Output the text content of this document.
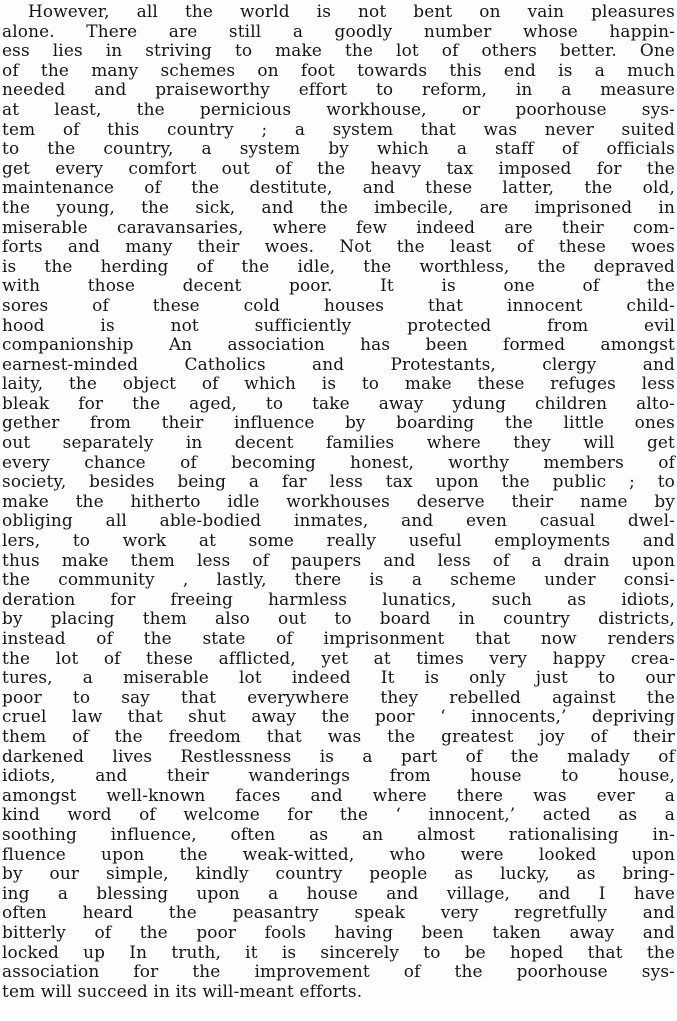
However, all the world is not bent on vain pleasures
alone. There are still a goodly number whose happin-
ess lies in striving to make the lot of others better. One
of the many schemes on foot towards this end is a much
needed and praiseworthy effort to reform, in a measure
at least, the pernicious workhouse, or poorhouse sys-
tem of this country ; a system that was never suited
to the country, a system by which a staff of officials
get every comfort out of the heavy tax imposed for the
maintenance of the destitute, and these latter, the old,
the young, the sick, and the imbecile, are imprisoned in
miserable caravansaries, where few indeed are their com-
forts and many their woes. Not the least of these woes
is the herding of the idle, the worthless, the depraved
with those decent poor. It is one of the
sores of these cold houses that innocent child-
hood is not sufficiently protected from evil
companionship An association has been formed amongst
earnest-minded Catholics and Protestants, clergy and
laity, the object of which is to make these refuges less
bleak for the aged, to take away ydung children alto-
gether from their influence by boarding the little ones
out separately in decent families where they will get
every chance of becoming honest, worthy members of
society, besides being a far less tax upon the public ; to
make the hitherto idle workhouses deserve their name by
obliging all able-bodied inmates, and even casual dwel-
lers, to work at some really useful employments and
thus make them less of paupers and less of a drain upon
the community , lastly, there is a scheme under consi-
deration for freeing harmless lunatics, such as idiots,
by placing them also out to board in country districts,
instead of the state of imprisonment that now renders
the lot of these afflicted, yet at times very happy crea-
tures, a miserable lot indeed It is only just to our
poor to say that everywhere they rebelled against the
cruel law that shut away the poor ‘ innocents,’ depriving
them of the freedom that was the greatest joy of their
darkened lives Restlessness is a part of the malady of
idiots, and their wanderings from house to house,
amongst well-known faces and where there was ever a
kind word of welcome for the ‘ innocent,’ acted as a
soothing influence, often as an almost rationalising in-
fluence upon the weak-witted, who were looked upon
by our simple, kindly country people as lucky, as bring-
ing a blessing upon a house and village, and I have
often heard the peasantry speak very regretfully and
bitterly of the poor fools having been taken away and
locked up In truth, it is sincerely to be hoped that the
association for the improvement of the poorhouse sys-
tem will succeed in its will-meant efforts.
